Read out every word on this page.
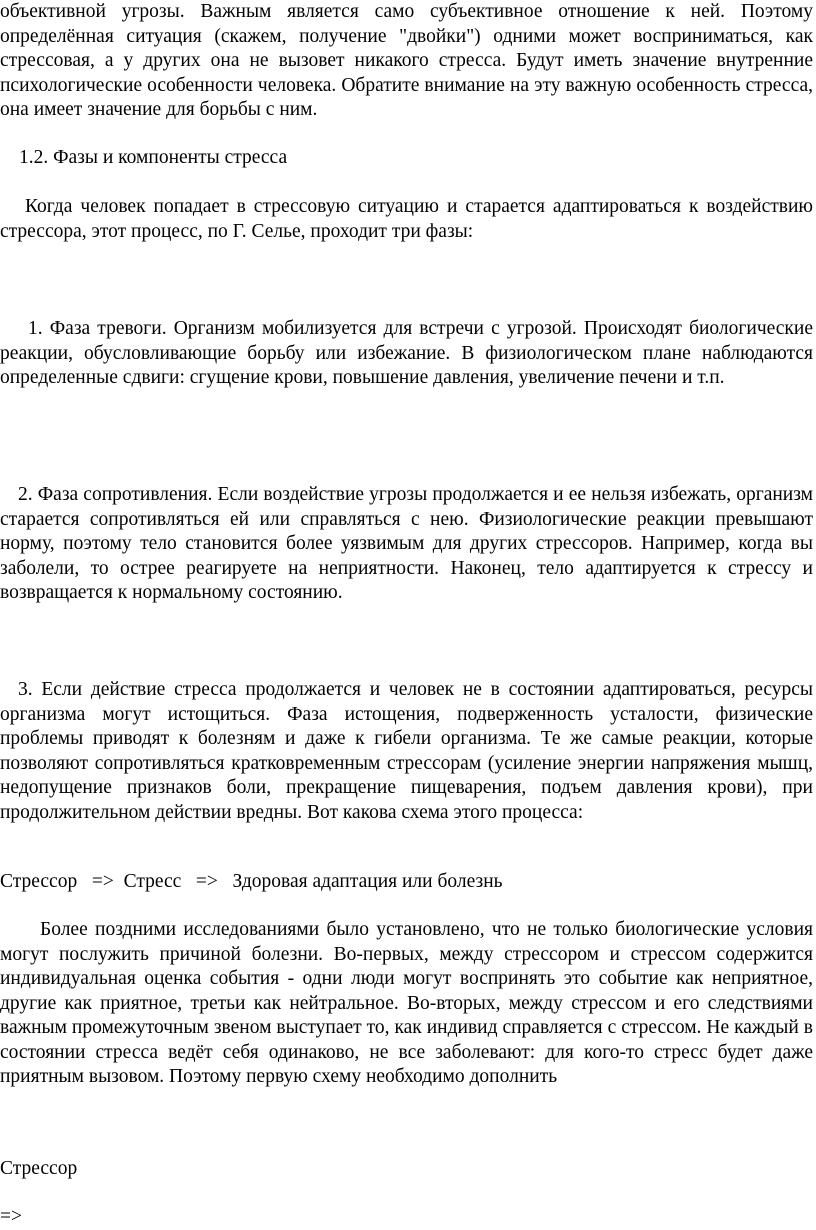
объективной угрозы. Важным является само субъективное отношение к ней. Поэтому определённая ситуация (скажем, получение "двойки") одними может восприниматься, как стрессовая, а у других она не вызовет никакого стресса. Будут иметь значение внутренние психологические особенности человека. Обратите внимание на эту важную особенность стресса, она имеет значение для борьбы с ним.

1.2. Фазы и компоненты стресса

Когда человек попадает в стрессовую ситуацию и старается адаптироваться к воздействию стрессора, этот процесс, по Г. Селье, проходит три фазы:

1. Фаза тревоги. Организм мобилизуется для встречи с угрозой. Происходят биологические реакции, обусловливающие борьбу или избежание. В физиологическом плане наблюдаются определенные сдвиги: сгущение крови, повышение давления, увеличение печени и т.п.

2. Фаза сопротивления. Если воздействие угрозы продолжается и ее нельзя избежать, организм старается сопротивляться ей или справляться с нею. Физиологические реакции превышают норму, поэтому тело становится более уязвимым для других стрессоров. Например, когда вы заболели, то острее реагируете на неприятности. Наконец, тело адаптируется к стрессу и возвращается к нормальному состоянию.

3. Если действие стресса продолжается и человек не в состоянии адаптироваться, ресурсы организма могут истощиться. Фаза истощения, подверженность усталости, физические проблемы приводят к болезням и даже к гибели организма. Те же самые реакции, которые позволяют сопротивляться кратковременным стрессорам (усиление энергии напряжения мышц, недопущение признаков боли, прекращение пищеварения, подъем давления крови), при продолжительном действии вредны. Вот какова схема этого процесса:

Стрессор   =>  Стресс   =>   Здоровая адаптация или болезнь

Более поздними исследованиями было установлено, что не только биологические условия могут послужить причиной болезни. Во-первых, между стрессором и стрессом содержится индивидуальная оценка события - одни люди могут воспринять это событие как неприятное, другие как приятное, третьи как нейтральное. Во-вторых, между стрессом и его следствиями важным промежуточным звеном выступает то, как индивид справляется с стрессом. Не каждый в состоянии стресса ведёт себя одинаково, не все заболевают: для кого-то стресс будет даже приятным вызовом. Поэтому первую схему необходимо дополнить

Стрессор

=>
